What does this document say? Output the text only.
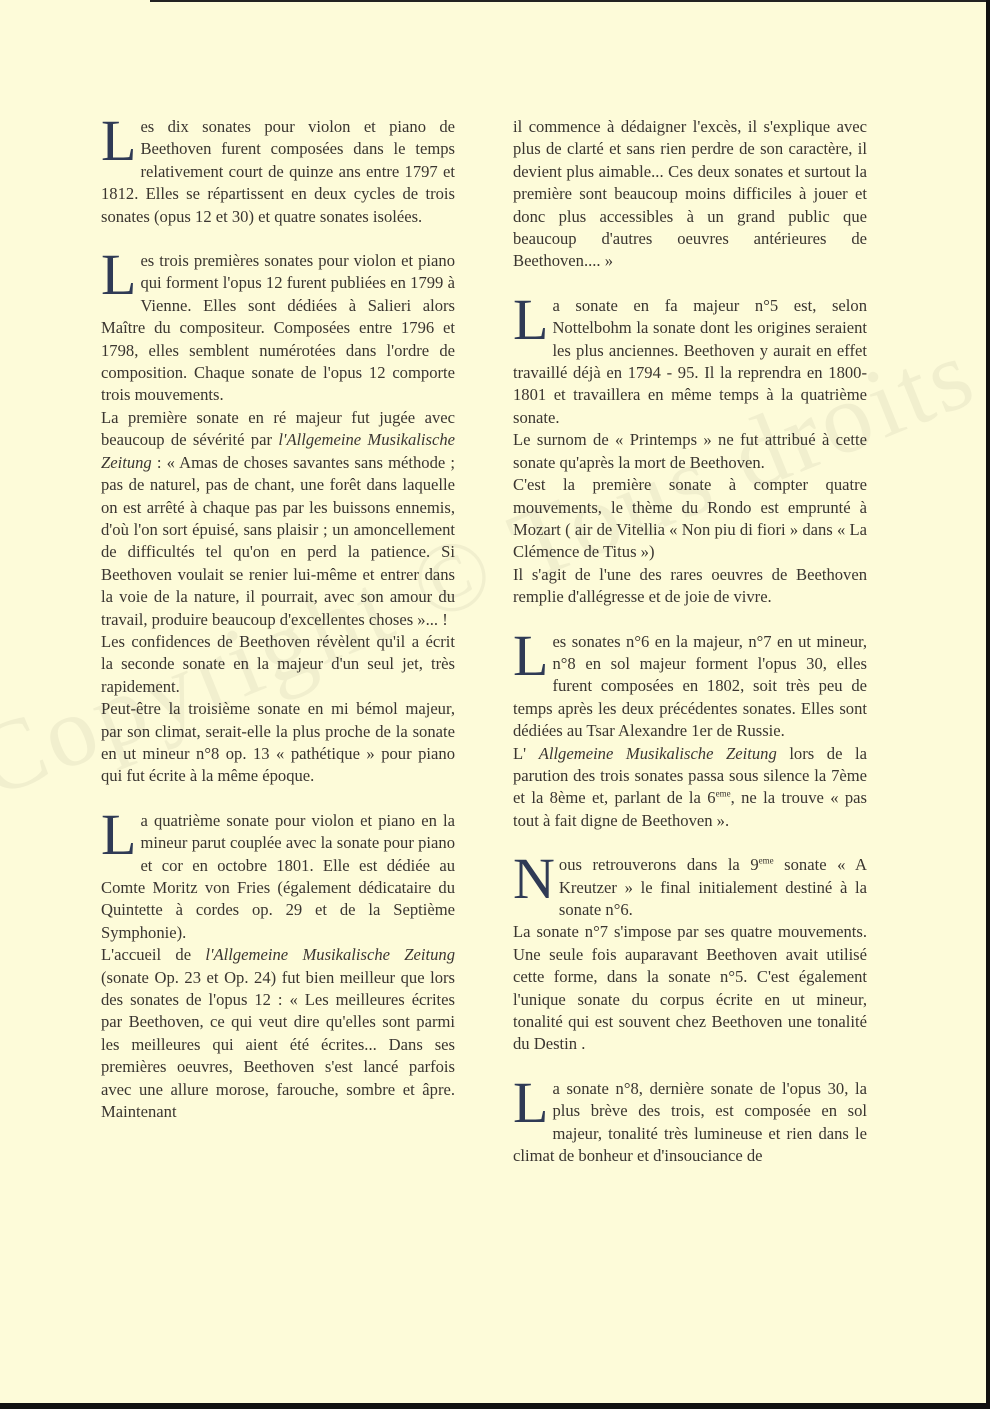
Les dix sonates pour violon et piano de Beethoven furent composées dans le temps relativement court de quinze ans entre 1797 et 1812. Elles se répartissent en deux cycles de trois sonates (opus 12 et 30) et quatre sonates isolées.

Les trois premières sonates pour violon et piano qui forment l'opus 12 furent publiées en 1799 à Vienne. Elles sont dédiées à Salieri alors Maître du compositeur. Composées entre 1796 et 1798, elles semblent numérotées dans l'ordre de composition. Chaque sonate de l'opus 12 comporte trois mouvements.

La première sonate en ré majeur fut jugée avec beaucoup de sévérité par l'Allgemeine Musikalische Zeitung : « Amas de choses savantes sans méthode ; pas de naturel, pas de chant, une forêt dans laquelle on est arrêté à chaque pas par les buissons ennemis, d'où l'on sort épuisé, sans plaisir ; un amoncellement de difficultés tel qu'on en perd la patience. Si Beethoven voulait se renier lui-même et entrer dans la voie de la nature, il pourrait, avec son amour du travail, produire beaucoup d'excellentes choses »... !

Les confidences de Beethoven révèlent qu'il a écrit la seconde sonate en la majeur d'un seul jet, très rapidement.

Peut-être la troisième sonate en mi bémol majeur, par son climat, serait-elle la plus proche de la sonate en ut mineur n°8 op. 13 « pathétique » pour piano qui fut écrite à la même époque.

La quatrième sonate pour violon et piano en la mineur parut couplée avec la sonate pour piano et cor en octobre 1801. Elle est dédiée au Comte Moritz von Fries (également dédicataire du Quintette à cordes op. 29 et de la Septième Symphonie).

L'accueil de l'Allgemeine Musikalische Zeitung (sonate Op. 23 et Op. 24) fut bien meilleur que lors des sonates de l'opus 12 : « Les meilleures écrites par Beethoven, ce qui veut dire qu'elles sont parmi les meilleures qui aient été écrites... Dans ses premières oeuvres, Beethoven s'est lancé parfois avec une allure morose, farouche, sombre et âpre. Maintenant

il commence à dédaigner l'excès, il s'explique avec plus de clarté et sans rien perdre de son caractère, il devient plus aimable... Ces deux sonates et surtout la première sont beaucoup moins difficiles à jouer et donc plus accessibles à un grand public que beaucoup d'autres oeuvres antérieures de Beethoven.... »

La sonate en fa majeur n°5 est, selon Nottelbohm la sonate dont les origines seraient les plus anciennes. Beethoven y aurait en effet travaillé déjà en 1794 - 95. Il la reprendra en 1800-1801 et travaillera en même temps à la quatrième sonate.

Le surnom de « Printemps » ne fut attribué à cette sonate qu'après la mort de Beethoven.

C'est la première sonate à compter quatre mouvements, le thème du Rondo est emprunté à Mozart ( air de Vitellia « Non piu di fiori » dans « La Clémence de Titus »)

Il s'agit de l'une des rares oeuvres de Beethoven remplie d'allégresse et de joie de vivre.

Les sonates n°6 en la majeur, n°7 en ut mineur, n°8 en sol majeur forment l'opus 30, elles furent composées en 1802, soit très peu de temps après les deux précédentes sonates. Elles sont dédiées au Tsar Alexandre 1er de Russie.

L' Allgemeine Musikalische Zeitung lors de la parution des trois sonates passa sous silence la 7ème et la 8ème et, parlant de la 6eme, ne la trouve « pas tout à fait digne de Beethoven ».

Nous retrouverons dans la 9eme sonate « A Kreutzer » le final initialement destiné à la sonate n°6.

La sonate n°7 s'impose par ses quatre mouvements. Une seule fois auparavant Beethoven avait utilisé cette forme, dans la sonate n°5. C'est également l'unique sonate du corpus écrite en ut mineur, tonalité qui est souvent chez Beethoven une tonalité du Destin .

La sonate n°8, dernière sonate de l'opus 30, la plus brève des trois, est composée en sol majeur, tonalité très lumineuse et rien dans le climat de bonheur et d'insouciance de
